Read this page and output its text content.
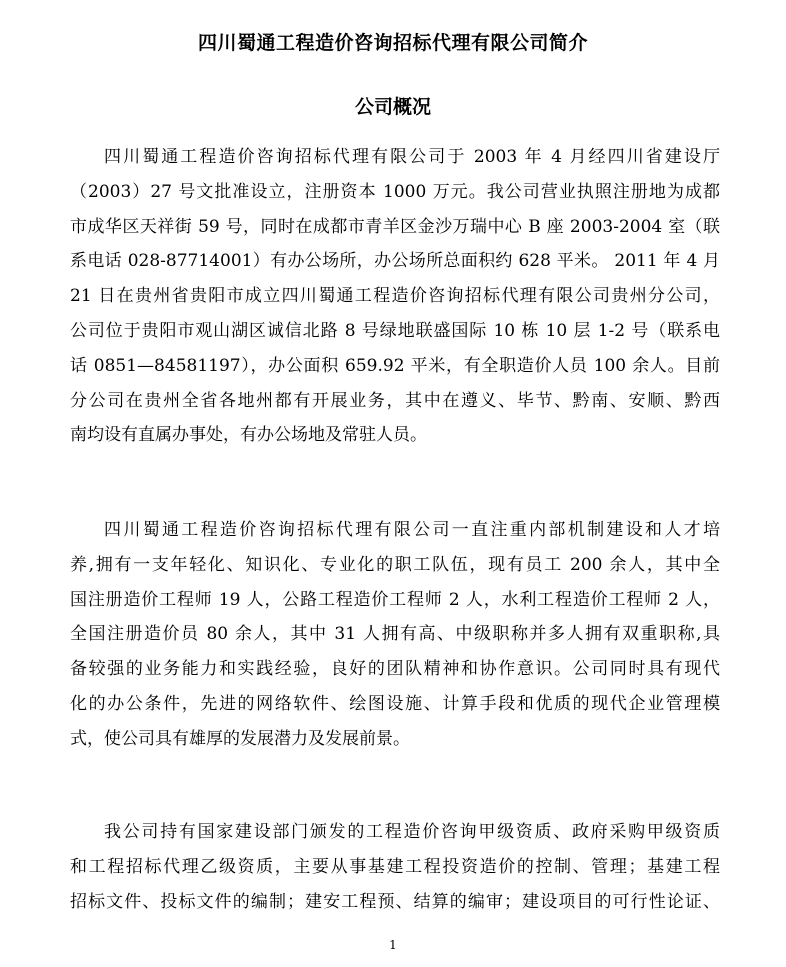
四川蜀通工程造价咨询招标代理有限公司简介
公司概况

四川蜀通工程造价咨询招标代理有限公司于 2003 年 4 月经四川省建设厅
（2003）27 号文批准设立，注册资本 1000 万元。我公司营业执照注册地为成都
市成华区天祥街 59 号，同时在成都市青羊区金沙万瑞中心 B 座 2003-2004 室（联
系电话 028-87714001）有办公场所，办公场所总面积约 628 平米。 2011 年 4 月
21 日在贵州省贵阳市成立四川蜀通工程造价咨询招标代理有限公司贵州分公司，
公司位于贵阳市观山湖区诚信北路 8 号绿地联盛国际 10 栋 10 层 1-2 号（联系电
话 0851—84581197），办公面积 659.92 平米，有全职造价人员 100 余人。目前
分公司在贵州全省各地州都有开展业务，其中在遵义、毕节、黔南、安顺、黔西
南均设有直属办事处，有办公场地及常驻人员。

四川蜀通工程造价咨询招标代理有限公司一直注重内部机制建设和人才培
养,拥有一支年轻化、知识化、专业化的职工队伍，现有员工 200 余人，其中全
国注册造价工程师 19 人，公路工程造价工程师 2 人，水利工程造价工程师 2 人，
全国注册造价员 80 余人，其中 31 人拥有高、中级职称并多人拥有双重职称,具
备较强的业务能力和实践经验，良好的团队精神和协作意识。公司同时具有现代
化的办公条件，先进的网络软件、绘图设施、计算手段和优质的现代企业管理模
式，使公司具有雄厚的发展潜力及发展前景。

我公司持有国家建设部门颁发的工程造价咨询甲级资质、政府采购甲级资质
和工程招标代理乙级资质，主要从事基建工程投资造价的控制、管理；基建工程
招标文件、投标文件的编制；建安工程预、结算的编审；建设项目的可行性论证、

1
